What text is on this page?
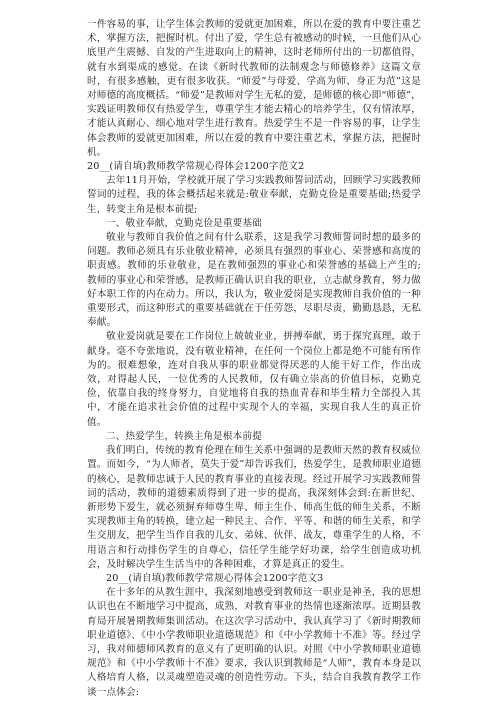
一件容易的事，让学生体会教师的爱就更加困难，所以在爱的教育中要注重艺术，掌握方法，把握时机。付出了爱，学生总有被感动的时候，一旦他们从心底里产生震撼、自发的产生进取向上的精神，这时老师所付出的一切都值得，就有水到渠成的感觉。在读《新时代教师的法制观念与师德修养》这篇文章时，有很多感触，更有很多收获。“师爱”与母爱、学高为师、身正为范”这是对师德的高度概括。“师爱”是教师对学生无私的爱，是师德的核心即“师德”，实践证明教师仅有热爱学生，尊重学生才能去精心的培养学生，仅有情浓厚，才能认真耐心、细心地对学生进行教育。热爱学生不是一件容易的事，让学生体会教师的爱就更加困难，所以在爱的教育中要注重艺术，掌握方法，把握时机。

20__(请自填)教师教学常规心得体会1200字范文2

去年11月开始，学校就开展了学习实践教师誓词活动，回顾学习实践教师誓词的过程，我的体会概括起来就是:敬业奉献，克勤克俭是重要基础;热爱学生，转变主角是根本前提;

一、敬业奉献，克勤克俭是重要基础

敬业与教师自我价值之间有什么联系，这是我学习教师誓词时想的最多的问题。教师必须具有乐业敬业精神，必须具有强烈的事业心、荣誉感和高度的职责感。教师的乐业敬业，是在教师强烈的事业心和荣誉感的基础上产生的;教师的事业心和荣誉感，是教师正确认识自我的职业，立志献身教育，努力做好本职工作的内在动力。所以，我认为，敬业爱岗是实现教师自我价值的一种重要形式，而这种形式的重要基础就在于任劳怨，尽职尽责，勤勤恳恳，无私奉献。

敬业爱岗就是要在工作岗位上兢兢业业，拼搏奉献，勇于探究真理，敢于献身。毫不夸张地说，没有敬业精神，在任何一个岗位上都是绝不可能有所作为的。很难想象，连对自我从事的职业都觉得厌恶的人能干好工作，作出成效，对得起人民，一位优秀的人民教师，仅有确立崇高的价值目标，克勤克俭，依靠自我的终身努力，自觉地将自我的热血青春和毕生精力全部投入其中，才能在追求社会价值的过程中实现个人的幸福，实现自我人生的真正价值。

二、热爱学生，转换主角是根本前提

我们明白，传统的教育伦理在师生关系中强调的是教师天然的教育权威位置。而如今，“为人师者，莫失于爱”却告诉我们，热爱学生，是教师职业道德的核心，是教师忠诚于人民的教育事业的直接表现。经过开展学习实践教师誓词的活动，教师的道德素质得到了进一步的提高，我深刻体会到:在新世纪、新形势下爱生，就必须摒弃师尊生卑、师主生仆、师高生低的师生关系，不断实现教师主角的转换，建立起一种民主、合作、平等、和谐的师生关系，和学生交朋友，把学生当作自我的儿女、弟妹、伙伴、战友，尊重学生的人格，不用语言和行动排伤学生的自尊心，信任学生能学好功课，给学生创造成功机会，及时解决学生生活当中的各种困难，才算是真正的爱生。

20__(请自填)教师教学常规心得体会1200字范文3

在十多年的从教生涯中，我深刻地感受到教师这一职业是神圣，我的思想认识也在不断地学习中提高，成熟，对教育事业的热情也逐渐浓厚。近期县教育局开展暑期教师集训活动。在这次学习活动中，我认真学习了《新时期教师职业道德》、《中小学教师职业道德规范》和《中小学教师十不准》等。经过学习，我对师德师风教育的意义有了更明确的认识。对照《中小学教师职业道德规范》和《中小学教师十不准》要求，我认识到教师是“人师”，教育本身是以人格培育人格，以灵魂塑造灵魂的创造性劳动。下头，结合自我教育教学工作谈一点体会:
